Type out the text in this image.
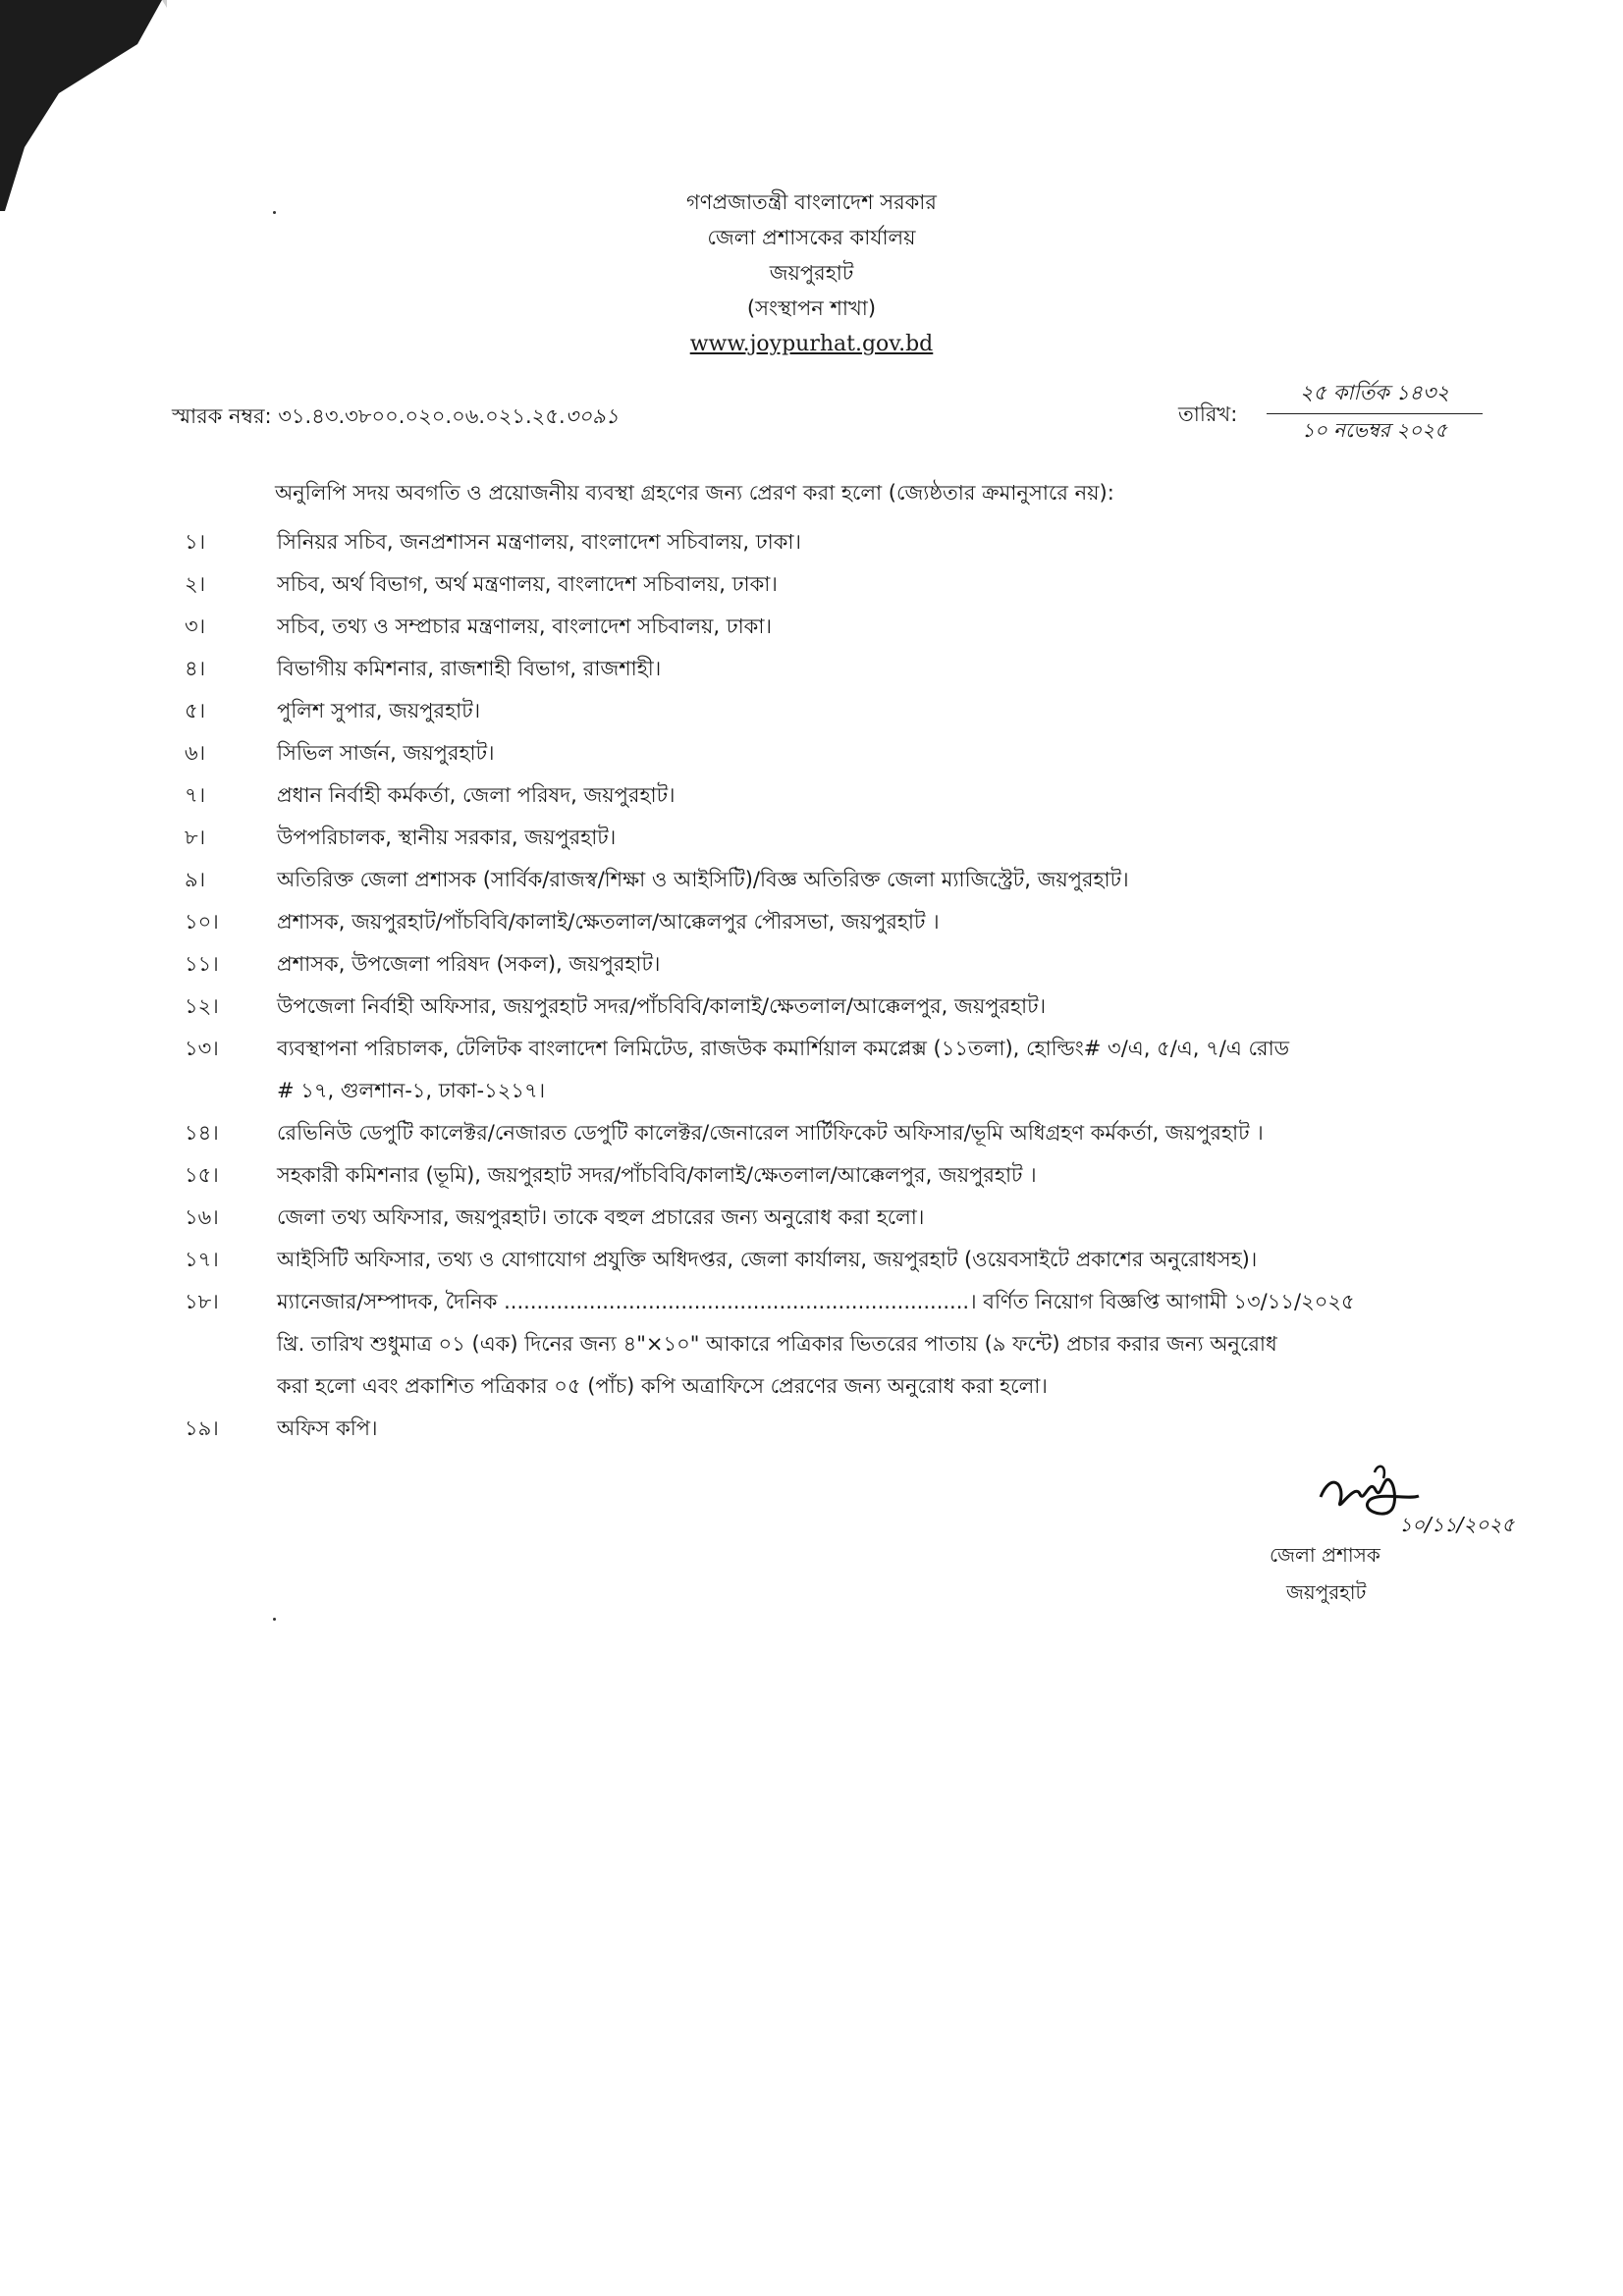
গণপ্রজাতন্ত্রী বাংলাদেশ সরকার
জেলা প্রশাসকের কার্যালয়
জয়পুরহাট
(সংস্থাপন শাখা)
www.joypurhat.gov.bd
স্মারক নম্বর: ৩১.৪৩.৩৮০০.০২০.০৬.০২১.২৫.৩০৯১	তারিখ:
২৫ কার্তিক ১৪৩২
১০ নভেম্বর ২০২৫
অনুলিপি সদয় অবগতি ও প্রয়োজনীয় ব্যবস্থা গ্রহণের জন্য প্রেরণ করা হলো (জ্যেষ্ঠতার ক্রমানুসারে নয়):
১।	সিনিয়র সচিব, জনপ্রশাসন মন্ত্রণালয়, বাংলাদেশ সচিবালয়, ঢাকা।
২।	সচিব, অর্থ বিভাগ, অর্থ মন্ত্রণালয়, বাংলাদেশ সচিবালয়, ঢাকা।
৩।	সচিব, তথ্য ও সম্প্রচার মন্ত্রণালয়, বাংলাদেশ সচিবালয়, ঢাকা।
৪।	বিভাগীয় কমিশনার, রাজশাহী বিভাগ, রাজশাহী।
৫।	পুলিশ সুপার, জয়পুরহাট।
৬।	সিভিল সার্জন, জয়পুরহাট।
৭।	প্রধান নির্বাহী কর্মকর্তা, জেলা পরিষদ, জয়পুরহাট।
৮।	উপপরিচালক, স্থানীয় সরকার, জয়পুরহাট।
৯।	অতিরিক্ত জেলা প্রশাসক (সার্বিক/রাজস্ব/শিক্ষা ও আইসিটি)/বিজ্ঞ অতিরিক্ত জেলা ম্যাজিস্ট্রেট, জয়পুরহাট।
১০।	প্রশাসক, জয়পুরহাট/পাঁচবিবি/কালাই/ক্ষেতলাল/আক্কেলপুর পৌরসভা, জয়পুরহাট ।
১১।	প্রশাসক, উপজেলা পরিষদ (সকল), জয়পুরহাট।
১২।	উপজেলা নির্বাহী অফিসার, জয়পুরহাট সদর/পাঁচবিবি/কালাই/ক্ষেতলাল/আক্কেলপুর, জয়পুরহাট।
১৩।	ব্যবস্থাপনা পরিচালক, টেলিটক বাংলাদেশ লিমিটেড, রাজউক কমার্শিয়াল কমপ্লেক্স (১১তলা), হোল্ডিং# ৩/এ, ৫/এ, ৭/এ রোড
# ১৭, গুলশান-১, ঢাকা-১২১৭।
১৪।	রেভিনিউ ডেপুটি কালেক্টর/নেজারত ডেপুটি কালেক্টর/জেনারেল সার্টিফিকেট অফিসার/ভূমি অধিগ্রহণ কর্মকর্তা, জয়পুরহাট ।
১৫।	সহকারী কমিশনার (ভূমি), জয়পুরহাট সদর/পাঁচবিবি/কালাই/ক্ষেতলাল/আক্কেলপুর, জয়পুরহাট ।
১৬।	জেলা তথ্য অফিসার, জয়পুরহাট। তাকে বহুল প্রচারের জন্য অনুরোধ করা হলো।
১৭।	আইসিটি অফিসার, তথ্য ও যোগাযোগ প্রযুক্তি অধিদপ্তর, জেলা কার্যালয়, জয়পুরহাট (ওয়েবসাইটে প্রকাশের অনুরোধসহ)।
১৮।	ম্যানেজার/সম্পাদক, দৈনিক .......................................................................। বর্ণিত নিয়োগ বিজ্ঞপ্তি আগামী ১৩/১১/২০২৫
খ্রি. তারিখ শুধুমাত্র ০১ (এক) দিনের জন্য ৪"×১০" আকারে পত্রিকার ভিতরের পাতায় (৯ ফন্টে) প্রচার করার জন্য অনুরোধ
করা হলো এবং প্রকাশিত পত্রিকার ০৫ (পাঁচ) কপি অত্রাফিসে প্রেরণের জন্য অনুরোধ করা হলো।
১৯।	অফিস কপি।
১০/১১/২০২৫
জেলা প্রশাসক
জয়পুরহাট
